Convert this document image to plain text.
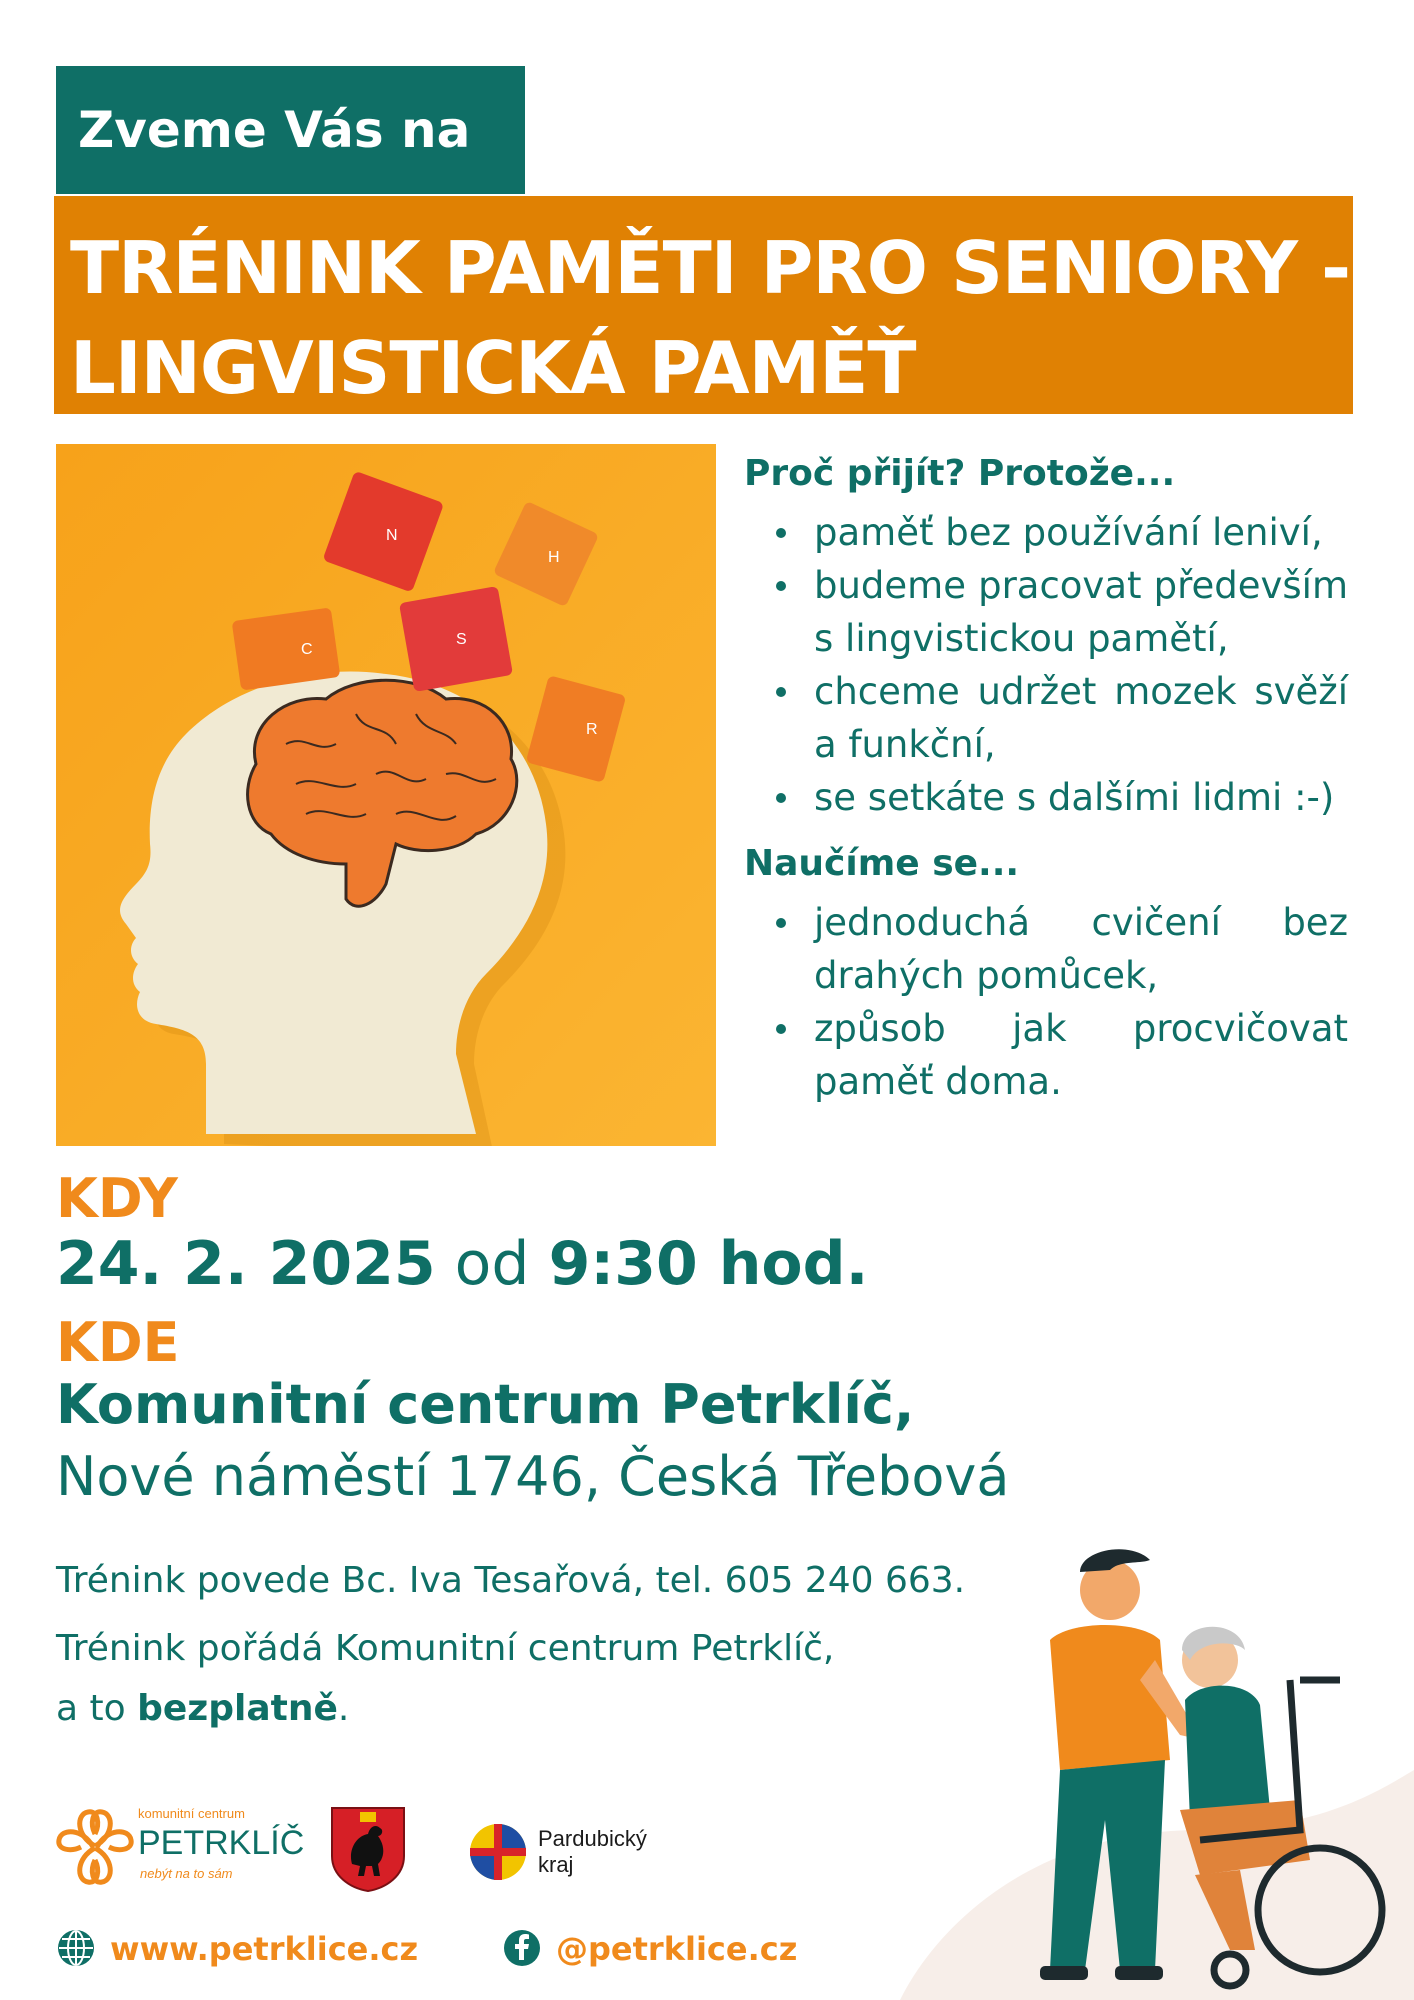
Zveme Vás na
TRÉNINK PAMĚTI PRO SENIORY -
LINGVISTICKÁ PAMĚŤ
N
H
S
C
R
Proč přijít? Protože...
paměť bez používání leniví,
budeme pracovat především s lingvistickou pamětí,
chceme udržet mozek svěží a funkční,
se setkáte s dalšími lidmi :-)
Naučíme se...
jednoduchá cvičení bez drahých pomůcek,
způsob jak procvičovat paměť doma.
KDY
24. 2. 2025 od 9:30 hod.
KDE
Komunitní centrum Petrklíč,
Nové náměstí 1746, Česká Třebová
Trénink povede Bc. Iva Tesařová, tel. 605 240 663.
Trénink pořádá Komunitní centrum Petrklíč,
a to bezplatně.
komunitní centrum
PETRKLÍČ
nebýt na to sám
Pardubický
kraj
www.petrklice.cz	@petrklice.cz
